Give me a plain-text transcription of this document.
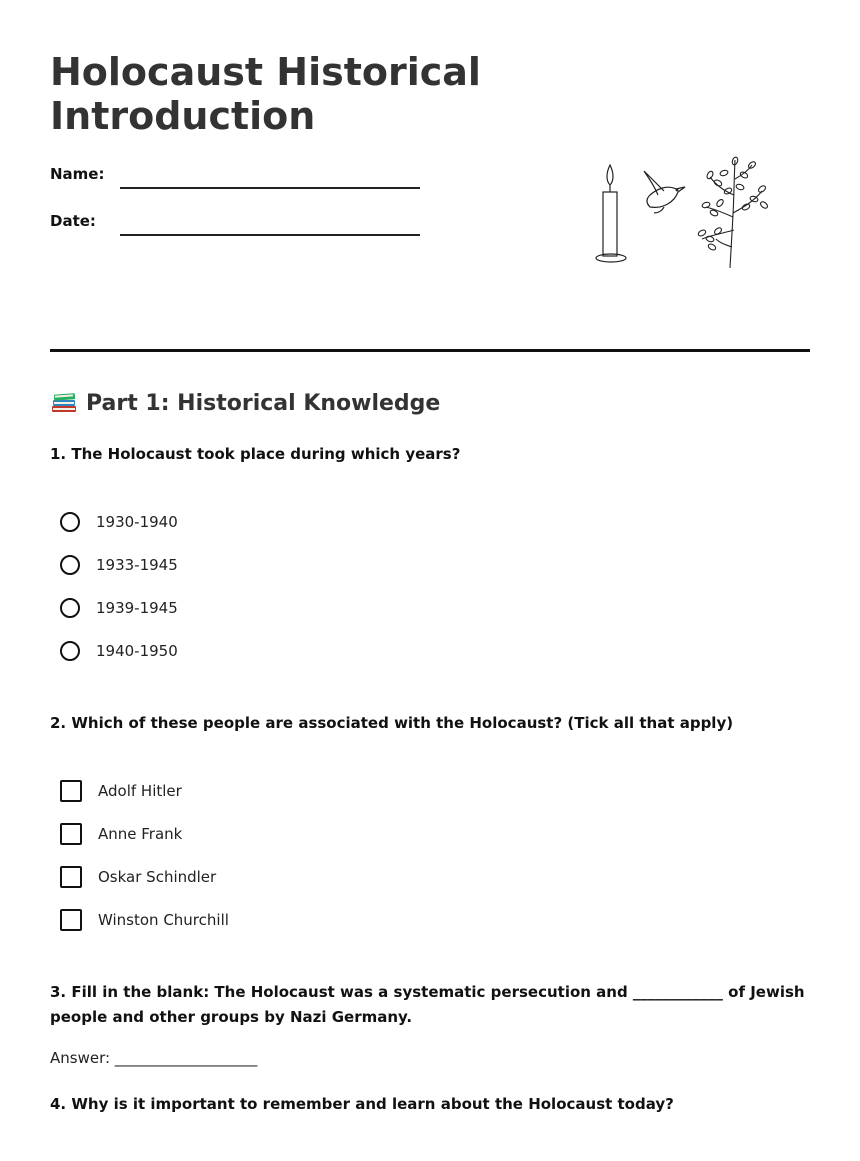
Holocaust Historical Introduction
Name:
Date:
Part 1: Historical Knowledge
1. The Holocaust took place during which years?
1930-1940
1933-1945
1939-1945
1940-1950
2. Which of these people are associated with the Holocaust? (Tick all that apply)
Adolf Hitler
Anne Frank
Oskar Schindler
Winston Churchill
3. Fill in the blank: The Holocaust was a systematic persecution and ____________ of Jewish people and other groups by Nazi Germany.
Answer: ___________________
4. Why is it important to remember and learn about the Holocaust today?
